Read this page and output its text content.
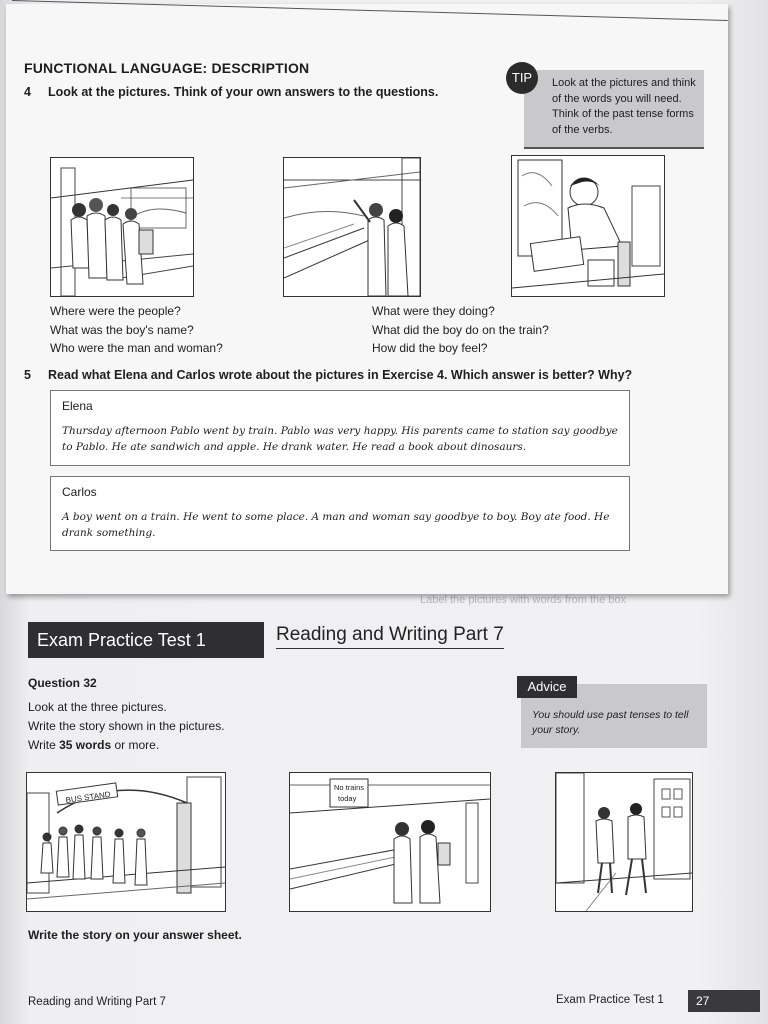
Label the pictures with words from the box
FUNCTIONAL LANGUAGE: DESCRIPTION
4 Look at the pictures. Think of your own answers to the questions.
TIP	Look at the pictures and think of the words you will need. Think of the past tense forms of the verbs.
Where were the people?
What was the boy's name?
Who were the man and woman?
What were they doing?
What did the boy do on the train?
How did the boy feel?
5 Read what Elena and Carlos wrote about the pictures in Exercise 4. Which answer is better? Why?
Elena
Thursday afternoon Pablo went by train. Pablo was very happy. His parents came to station say goodbye to Pablo. He ate sandwich and apple. He drank water. He read a book about dinosaurs.
Carlos
A boy went on a train. He went to some place. A man and woman say goodbye to boy. Boy ate food. He drank something.
Exam Practice Test 1	Reading and Writing Part 7
Question 32
Look at the three pictures.
Write the story shown in the pictures.
Write 35 words or more.
You should use past tenses to tell your story.
Advice
BUS STAND
No trains today
Write the story on your answer sheet.
Reading and Writing Part 7	Exam Practice Test 1	27
